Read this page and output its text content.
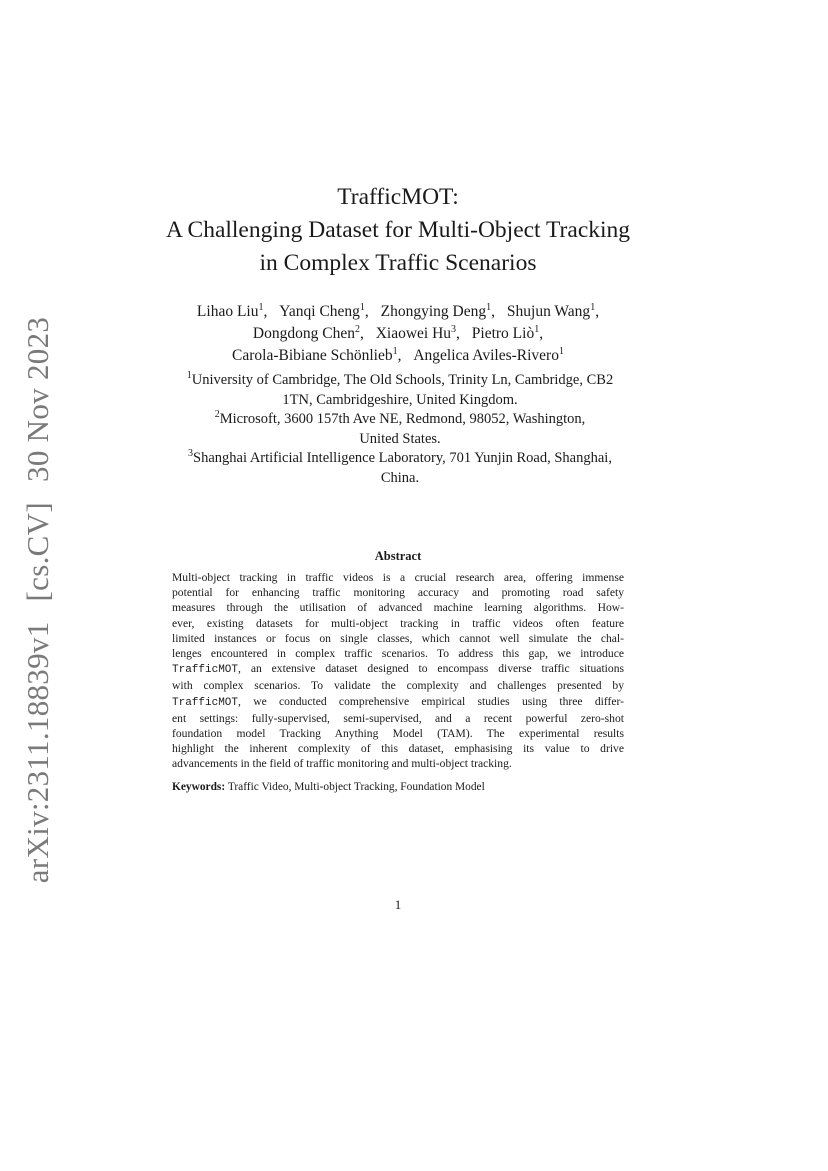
arXiv:2311.18839v1 [cs.CV] 30 Nov 2023
TrafficMOT:
A Challenging Dataset for Multi-Object Tracking
in Complex Traffic Scenarios
Lihao Liu$^1$, Yanqi Cheng$^1$, Zhongying Deng$^1$, Shujun Wang$^1$,
Dongdong Chen$^2$, Xiaowei Hu$^3$, Pietro Liò$^1$,
Carola-Bibiane Schönlieb$^1$, Angelica Aviles-Rivero$^1$
$^1$University of Cambridge, The Old Schools, Trinity Ln, Cambridge, CB2
1TN, Cambridgeshire, United Kingdom.
$^2$Microsoft, 3600 157th Ave NE, Redmond, 98052, Washington,
United States.
$^3$Shanghai Artificial Intelligence Laboratory, 701 Yunjin Road, Shanghai,
China.
Abstract
Multi-object tracking in traffic videos is a crucial research area, offering immense
potential for enhancing traffic monitoring accuracy and promoting road safety
measures through the utilisation of advanced machine learning algorithms. How-
ever, existing datasets for multi-object tracking in traffic videos often feature
limited instances or focus on single classes, which cannot well simulate the chal-
lenges encountered in complex traffic scenarios. To address this gap, we introduce
TrafficMOT, an extensive dataset designed to encompass diverse traffic situations
with complex scenarios. To validate the complexity and challenges presented by
TrafficMOT, we conducted comprehensive empirical studies using three differ-
ent settings: fully-supervised, semi-supervised, and a recent powerful zero-shot
foundation model Tracking Anything Model (TAM). The experimental results
highlight the inherent complexity of this dataset, emphasising its value to drive
advancements in the field of traffic monitoring and multi-object tracking.
Keywords: Traffic Video, Multi-object Tracking, Foundation Model
1
